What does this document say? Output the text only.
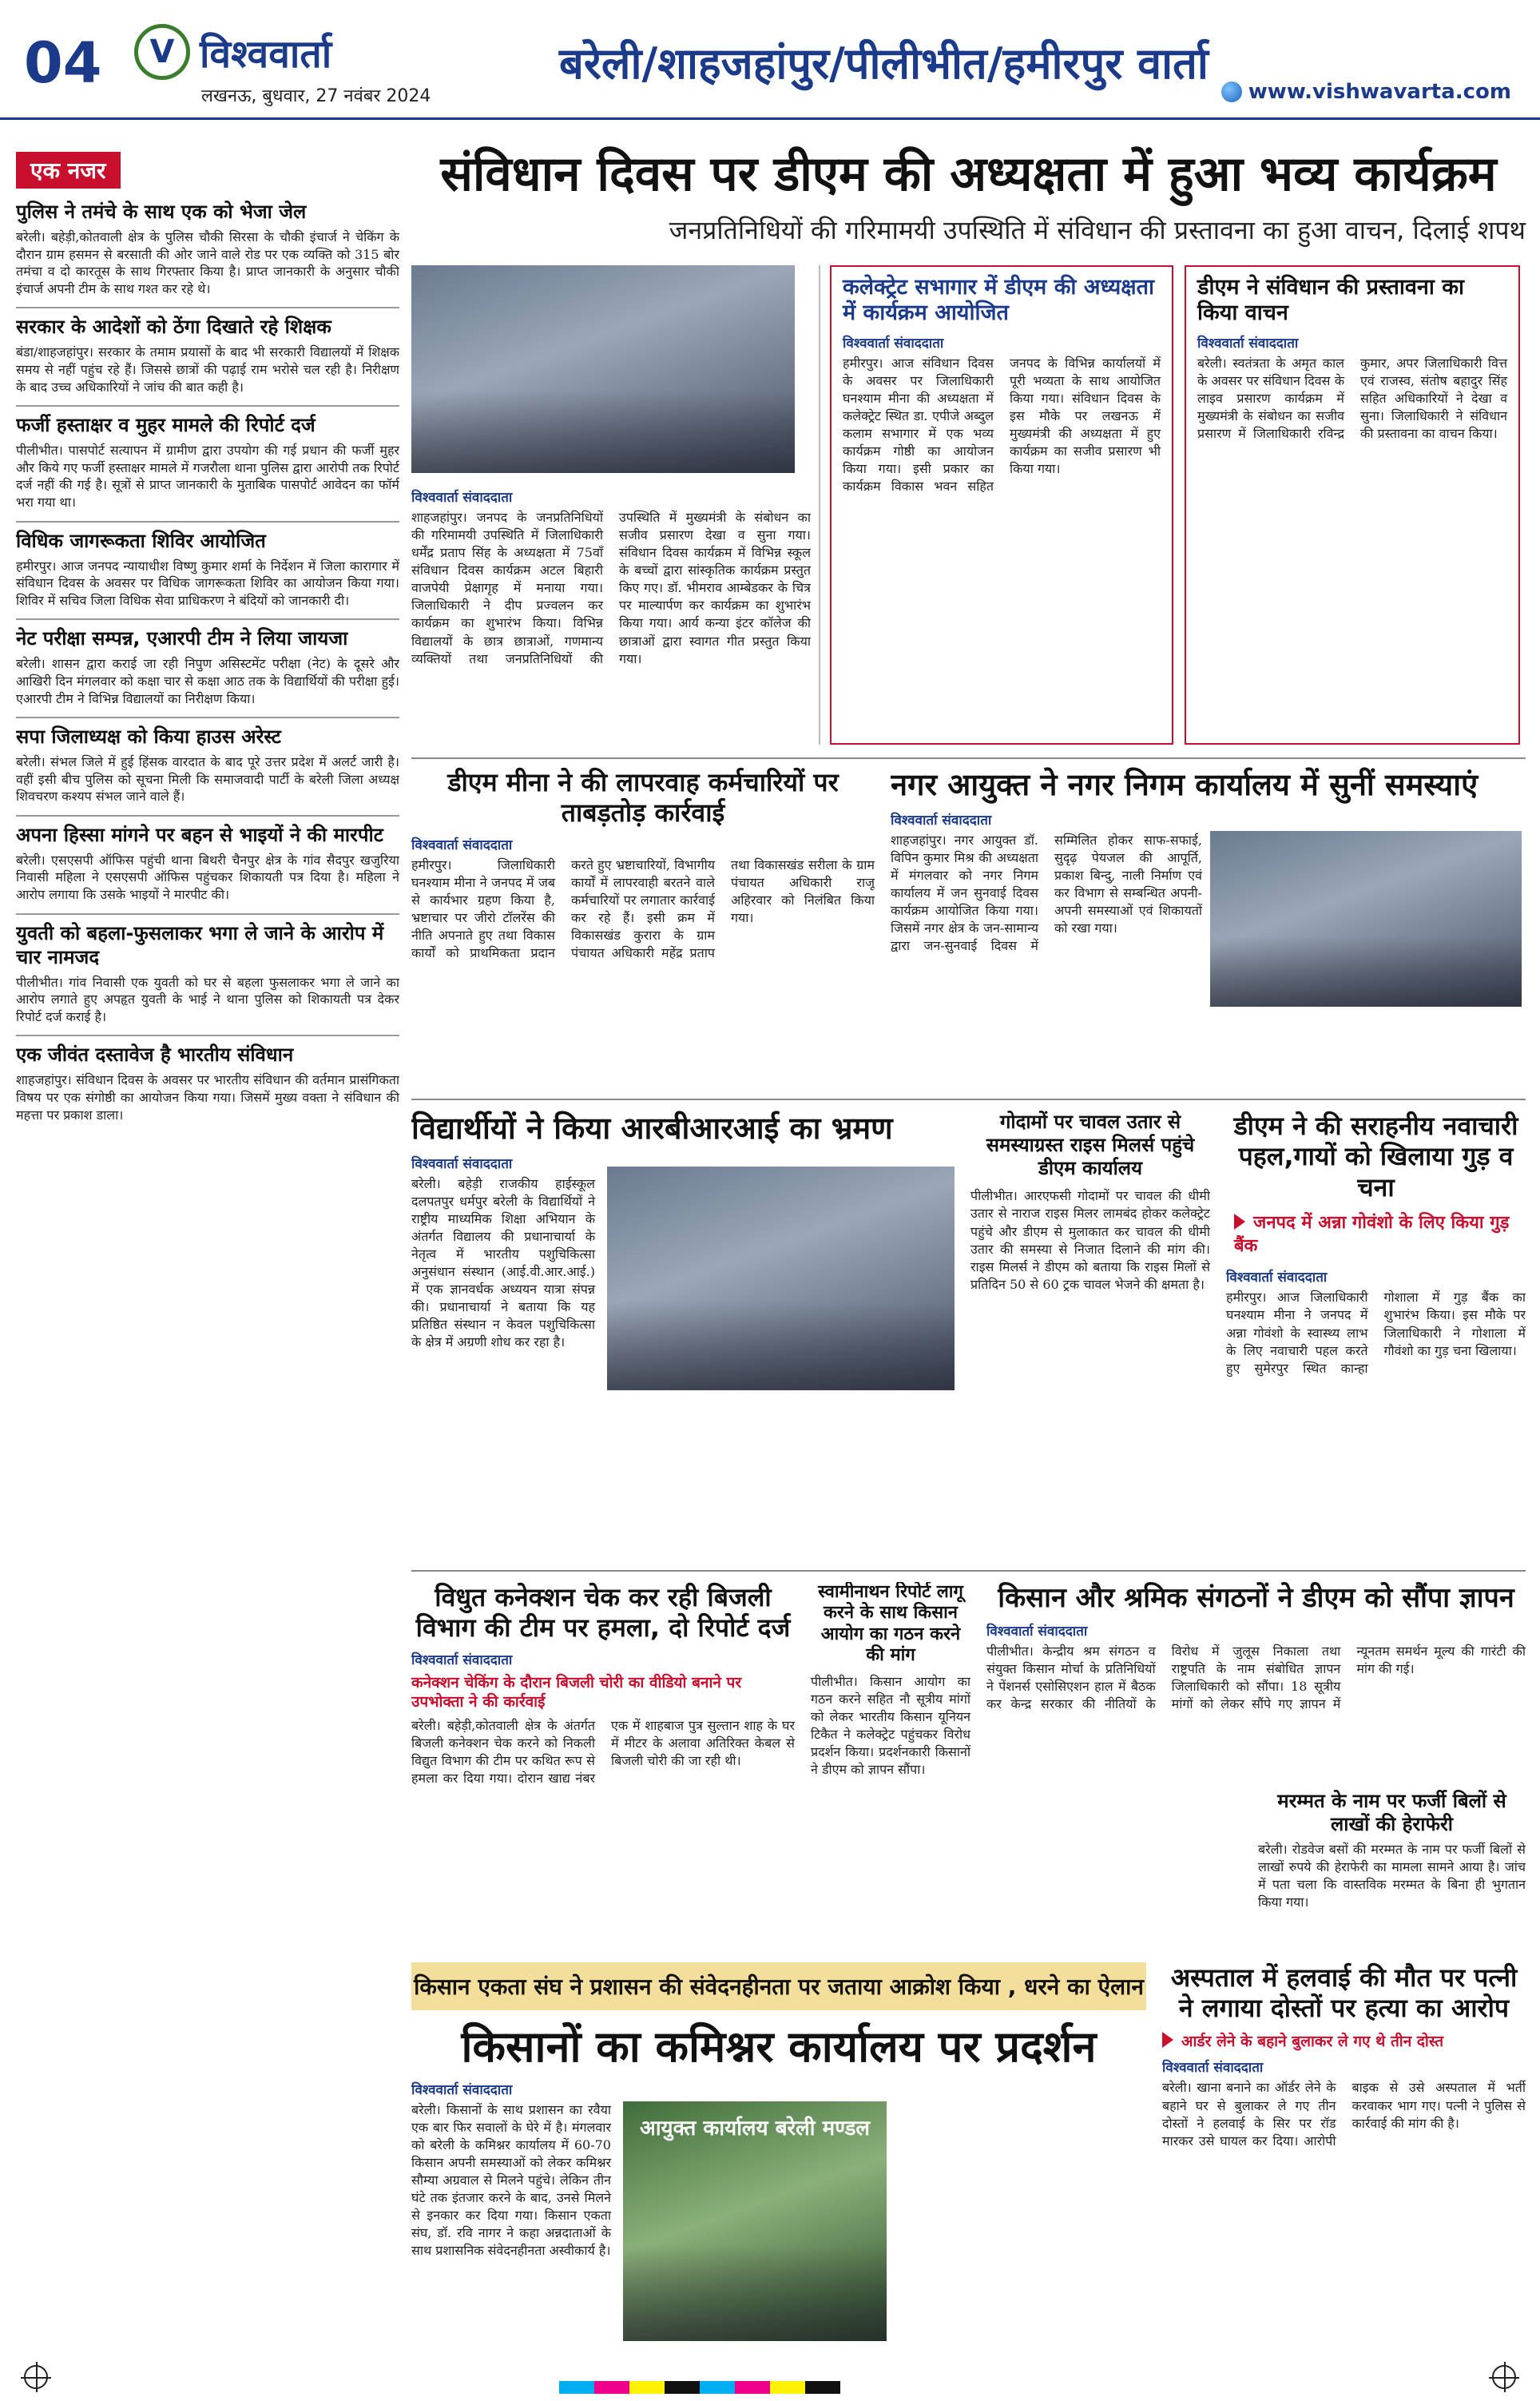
04 V विश्ववार्ता
लखनऊ, बुधवार, 27 नवंबर 2024
बरेली/शाहजहांपुर/पीलीभीत/हमीरपुर वार्ता
www.vishwavarta.com
एक नजर
पुलिस ने तमंचे के साथ एक को भेजा जेल

बरेली। बहेड़ी,कोतवाली क्षेत्र के पुलिस चौकी सिरसा के चौकी इंचार्ज ने चेकिंग के दौरान ग्राम हसमन से बरसाती की ओर जाने वाले रोड पर एक व्यक्ति को 315 बोर तमंचा व दो कारतूस के साथ गिरफ्तार किया है। प्राप्त जानकारी के अनुसार चौकी इंचार्ज अपनी टीम के साथ गश्त कर रहे थे।

सरकार के आदेशों को ठेंगा दिखाते रहे शिक्षक

बंडा/शाहजहांपुर। सरकार के तमाम प्रयासों के बाद भी सरकारी विद्यालयों में शिक्षक समय से नहीं पहुंच रहे हैं। जिससे छात्रों की पढ़ाई राम भरोसे चल रही है। निरीक्षण के बाद उच्च अधिकारियों ने जांच की बात कही है।

फर्जी हस्ताक्षर व मुहर मामले की रिपोर्ट दर्ज

पीलीभीत। पासपोर्ट सत्यापन में ग्रामीण द्वारा उपयोग की गई प्रधान की फर्जी मुहर और किये गए फर्जी हस्ताक्षर मामले में गजरौला थाना पुलिस द्वारा आरोपी तक रिपोर्ट दर्ज नहीं की गई है। सूत्रों से प्राप्त जानकारी के मुताबिक पासपोर्ट आवेदन का फॉर्म भरा गया था।

विधिक जागरूकता शिविर आयोजित

हमीरपुर। आज जनपद न्यायाधीश विष्णु कुमार शर्मा के निर्देशन में जिला कारागार में संविधान दिवस के अवसर पर विधिक जागरूकता शिविर का आयोजन किया गया। शिविर में सचिव जिला विधिक सेवा प्राधिकरण ने बंदियों को जानकारी दी।

नेट परीक्षा सम्पन्न, एआरपी टीम ने लिया जायजा

बरेली। शासन द्वारा कराई जा रही निपुण असिस्टमेंट परीक्षा (नेट) के दूसरे और आखिरी दिन मंगलवार को कक्षा चार से कक्षा आठ तक के विद्यार्थियों की परीक्षा हुई। एआरपी टीम ने विभिन्न विद्यालयों का निरीक्षण किया।

सपा जिलाध्यक्ष को किया हाउस अरेस्ट

बरेली। संभल जिले में हुई हिंसक वारदात के बाद पूरे उत्तर प्रदेश में अलर्ट जारी है। वहीं इसी बीच पुलिस को सूचना मिली कि समाजवादी पार्टी के बरेली जिला अध्यक्ष शिवचरण कश्यप संभल जाने वाले हैं।

अपना हिस्सा मांगने पर बहन से भाइयों ने की मारपीट

बरेली। एसएसपी ऑफिस पहुंची थाना बिथरी चैनपुर क्षेत्र के गांव सैदपुर खजुरिया निवासी महिला ने एसएसपी ऑफिस पहुंचकर शिकायती पत्र दिया है। महिला ने आरोप लगाया कि उसके भाइयों ने मारपीट की।

युवती को बहला-फुसलाकर भगा ले जाने के आरोप में चार नामजद

पीलीभीत। गांव निवासी एक युवती को घर से बहला फुसलाकर भगा ले जाने का आरोप लगाते हुए अपहृत युवती के भाई ने थाना पुलिस को शिकायती पत्र देकर रिपोर्ट दर्ज कराई है।

एक जीवंत दस्तावेज है भारतीय संविधान

शाहजहांपुर। संविधान दिवस के अवसर पर भारतीय संविधान की वर्तमान प्रासंगिकता विषय पर एक संगोष्ठी का आयोजन किया गया। जिसमें मुख्य वक्ता ने संविधान की महत्ता पर प्रकाश डाला।

संविधान दिवस पर डीएम की अध्यक्षता में हुआ भव्य कार्यक्रम
जनप्रतिनिधियों की गरिमामयी उपस्थिति में संविधान की प्रस्तावना का हुआ वाचन, दिलाई शपथ
विश्ववार्ता संवाददाता
शाहजहांपुर। जनपद के जनप्रतिनिधियों की गरिमामयी उपस्थिति में जिलाधिकारी धर्मेंद्र प्रताप सिंह के अध्यक्षता में 75वाँ संविधान दिवस कार्यक्रम अटल बिहारी वाजपेयी प्रेक्षागृह में मनाया गया। जिलाधिकारी ने दीप प्रज्वलन कर कार्यक्रम का शुभारंभ किया। विभिन्न विद्यालयों के छात्र छात्राओं, गणमान्य व्यक्तियों तथा जनप्रतिनिधियों की उपस्थिति में मुख्यमंत्री के संबोधन का सजीव प्रसारण देखा व सुना गया। संविधान दिवस कार्यक्रम में विभिन्न स्कूल के बच्चों द्वारा सांस्कृतिक कार्यक्रम प्रस्तुत किए गए। डॉ. भीमराव आम्बेडकर के चित्र पर माल्यार्पण कर कार्यक्रम का शुभारंभ किया गया। आर्य कन्या इंटर कॉलेज की छात्राओं द्वारा स्वागत गीत प्रस्तुत किया गया।
कलेक्ट्रेट सभागार में डीएम की अध्यक्षता में कार्यक्रम आयोजित
विश्ववार्ता संवाददाता
हमीरपुर। आज संविधान दिवस के अवसर पर जिलाधिकारी घनश्याम मीना की अध्यक्षता में कलेक्ट्रेट स्थित डा. एपीजे अब्दुल कलाम सभागार में एक भव्य कार्यक्रम गोष्ठी का आयोजन किया गया। इसी प्रकार का कार्यक्रम विकास भवन सहित जनपद के विभिन्न कार्यालयों में पूरी भव्यता के साथ आयोजित किया गया। संविधान दिवस के इस मौके पर लखनऊ में मुख्यमंत्री की अध्यक्षता में हुए कार्यक्रम का सजीव प्रसारण भी किया गया।
डीएम ने संविधान की प्रस्तावना का किया वाचन
विश्ववार्ता संवाददाता
बरेली। स्वतंत्रता के अमृत काल के अवसर पर संविधान दिवस के लाइव प्रसारण कार्यक्रम में मुख्यमंत्री के संबोधन का सजीव प्रसारण में जिलाधिकारी रविन्द्र कुमार, अपर जिलाधिकारी वित्त एवं राजस्व, संतोष बहादुर सिंह सहित अधिकारियों ने देखा व सुना। जिलाधिकारी ने संविधान की प्रस्तावना का वाचन किया।
डीएम मीना ने की लापरवाह कर्मचारियों पर ताबड़तोड़ कार्रवाई
विश्ववार्ता संवाददाता
हमीरपुर। जिलाधिकारी घनश्याम मीना ने जनपद में जब से कार्यभार ग्रहण किया है, भ्रष्टाचार पर जीरो टॉलरेंस की नीति अपनाते हुए तथा विकास कार्यों को प्राथमिकता प्रदान करते हुए भ्रष्टाचारियों, विभागीय कार्यों में लापरवाही बरतने वाले कर्मचारियों पर लगातार कार्रवाई कर रहे हैं। इसी क्रम में विकासखंड कुरारा के ग्राम पंचायत अधिकारी महेंद्र प्रताप तथा विकासखंड सरीला के ग्राम पंचायत अधिकारी राजू अहिरवार को निलंबित किया गया।
नगर आयुक्त ने नगर निगम कार्यालय में सुनीं समस्याएं
विश्ववार्ता संवाददाता
शाहजहांपुर। नगर आयुक्त डॉ. विपिन कुमार मिश्र की अध्यक्षता में मंगलवार को नगर निगम कार्यालय में जन सुनवाई दिवस कार्यक्रम आयोजित किया गया। जिसमें नगर क्षेत्र के जन-सामान्य द्वारा जन-सुनवाई दिवस में सम्मिलित होकर साफ-सफाई, सुदृढ़ पेयजल की आपूर्ति, प्रकाश बिन्दु, नाली निर्माण एवं कर विभाग से सम्बन्धित अपनी-अपनी समस्याओं एवं शिकायतों को रखा गया।
विद्यार्थीयों ने किया आरबीआरआई का भ्रमण
विश्ववार्ता संवाददाता
बरेली। बहेड़ी राजकीय हाईस्कूल दलपतपुर धर्मपुर बरेली के विद्यार्थियों ने राष्ट्रीय माध्यमिक शिक्षा अभियान के अंतर्गत विद्यालय की प्रधानाचार्या के नेतृत्व में भारतीय पशुचिकित्सा अनुसंधान संस्थान (आई.वी.आर.आई.) में एक ज्ञानवर्धक अध्ययन यात्रा संपन्न की। प्रधानाचार्या ने बताया कि यह प्रतिष्ठित संस्थान न केवल पशुचिकित्सा के क्षेत्र में अग्रणी शोध कर रहा है।
गोदामों पर चावल उतार से समस्याग्रस्त राइस मिलर्स पहुंचे डीएम कार्यालय
पीलीभीत। आरएफसी गोदामों पर चावल की धीमी उतार से नाराज राइस मिलर लामबंद होकर कलेक्ट्रेट पहुंचे और डीएम से मुलाकात कर चावल की धीमी उतार की समस्या से निजात दिलाने की मांग की। राइस मिलर्स ने डीएम को बताया कि राइस मिलों से प्रतिदिन 50 से 60 ट्रक चावल भेजने की क्षमता है।
डीएम ने की सराहनीय नवाचारी पहल,गायों को खिलाया गुड़ व चना
जनपद में अन्ना गोवंशो के लिए किया गुड़ बैंक
विश्ववार्ता संवाददाता
हमीरपुर। आज जिलाधिकारी घनश्याम मीना ने जनपद में अन्ना गोवंशो के स्वास्थ्य लाभ के लिए नवाचारी पहल करते हुए सुमेरपुर स्थित कान्हा गोशाला में गुड़ बैंक का शुभारंभ किया। इस मौके पर जिलाधिकारी ने गोशाला में गौवंशो का गुड़ चना खिलाया।
विधुत कनेक्शन चेक कर रही बिजली विभाग की टीम पर हमला, दो रिपोर्ट दर्ज
विश्ववार्ता संवाददाता
कनेक्शन चेकिंग के दौरान बिजली चोरी का वीडियो बनाने पर उपभोक्ता ने की कार्रवाई
बरेली। बहेड़ी,कोतवाली क्षेत्र के अंतर्गत बिजली कनेक्शन चेक करने को निकली विद्युत विभाग की टीम पर कथित रूप से हमला कर दिया गया। दोरान खाद्य नंबर एक में शाहबाज पुत्र सुल्तान शाह के घर में मीटर के अलावा अतिरिक्त केबल से बिजली चोरी की जा रही थी।
स्वामीनाथन रिपोर्ट लागू करने के साथ किसान आयोग का गठन करने की मांग
पीलीभीत। किसान आयोग का गठन करने सहित नौ सूत्रीय मांगों को लेकर भारतीय किसान यूनियन टिकैत ने कलेक्ट्रेट पहुंचकर विरोध प्रदर्शन किया। प्रदर्शनकारी किसानों ने डीएम को ज्ञापन सौंपा।
किसान और श्रमिक संगठनों ने डीएम को सौंपा ज्ञापन
विश्ववार्ता संवाददाता
पीलीभीत। केन्द्रीय श्रम संगठन व संयुक्त किसान मोर्चा के प्रतिनिधियों ने पेंशनर्स एसोसिएशन हाल में बैठक कर केन्द्र सरकार की नीतियों के विरोध में जुलूस निकाला तथा राष्ट्रपति के नाम संबोधित ज्ञापन जिलाधिकारी को सौंपा। 18 सूत्रीय मांगों को लेकर सौंपे गए ज्ञापन में न्यूनतम समर्थन मूल्य की गारंटी की मांग की गई।
मरम्मत के नाम पर फर्जी बिलों से लाखों की हेराफेरी
बरेली। रोडवेज बसों की मरम्मत के नाम पर फर्जी बिलों से लाखों रुपये की हेराफेरी का मामला सामने आया है। जांच में पता चला कि वास्तविक मरम्मत के बिना ही भुगतान किया गया।
किसान एकता संघ ने प्रशासन की संवेदनहीनता पर जताया आक्रोश किया , धरने का ऐलान
किसानों का कमिश्नर कार्यालय पर प्रदर्शन
विश्ववार्ता संवाददाता
बरेली। किसानों के साथ प्रशासन का रवैया एक बार फिर सवालों के घेरे में है। मंगलवार को बरेली के कमिश्नर कार्यालय में 60-70 किसान अपनी समस्याओं को लेकर कमिश्नर सौम्या अग्रवाल से मिलने पहुंचे। लेकिन तीन घंटे तक इंतजार करने के बाद, उनसे मिलने से इनकार कर दिया गया। किसान एकता संघ, डॉ. रवि नागर ने कहा अन्नदाताओं के साथ प्रशासनिक संवेदनहीनता अस्वीकार्य है।
आयुक्त कार्यालय बरेली मण्डल
अस्पताल में हलवाई की मौत पर पत्नी ने लगाया दोस्तों पर हत्या का आरोप
आर्डर लेने के बहाने बुलाकर ले गए थे तीन दोस्त
विश्ववार्ता संवाददाता
बरेली। खाना बनाने का ऑर्डर लेने के बहाने घर से बुलाकर ले गए तीन दोस्तों ने हलवाई के सिर पर रॉड मारकर उसे घायल कर दिया। आरोपी बाइक से उसे अस्पताल में भर्ती करवाकर भाग गए। पत्नी ने पुलिस से कार्रवाई की मांग की है।
